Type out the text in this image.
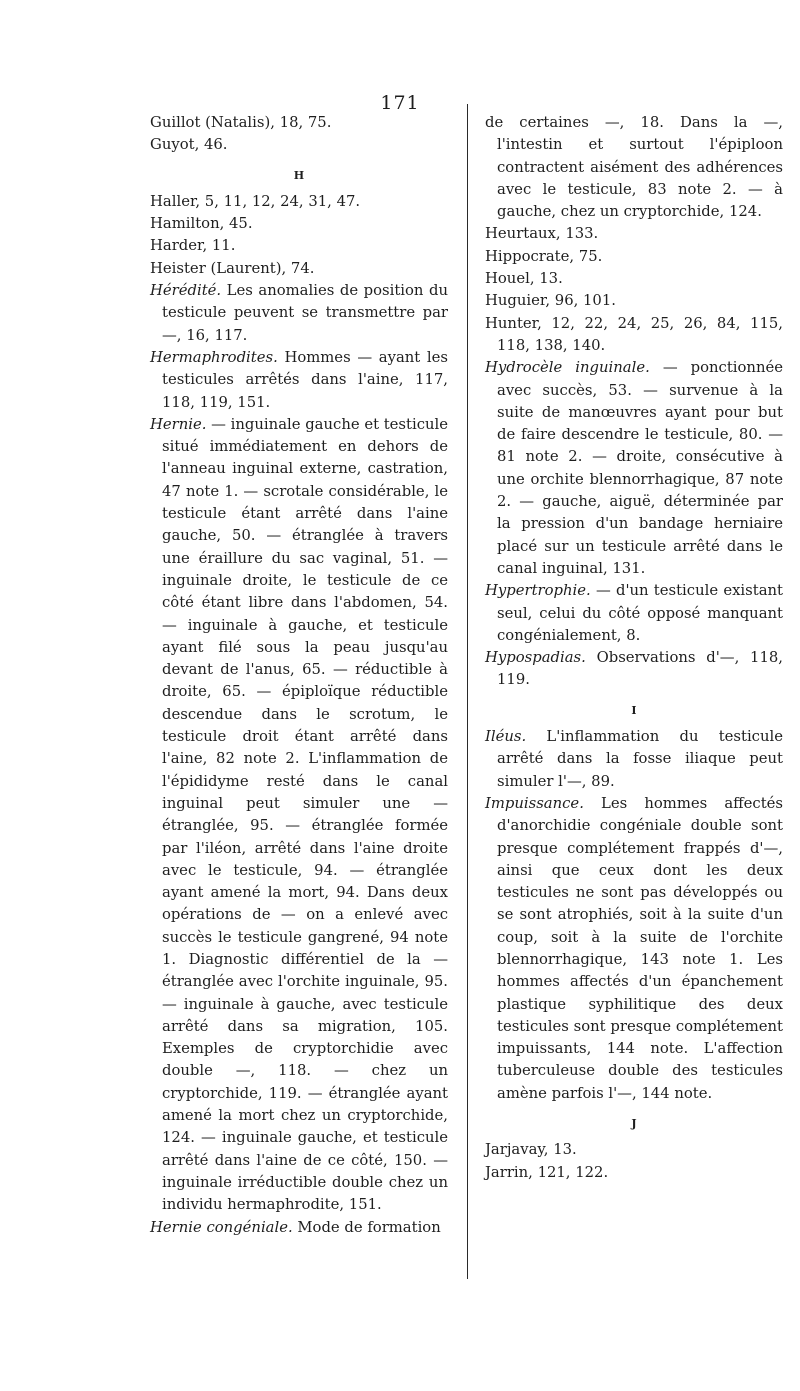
171

Guillot (Natalis), 18, 75.

Guyot, 46.

H

Haller, 5, 11, 12, 24, 31, 47.

Hamilton, 45.

Harder, 11.

Heister (Laurent), 74.

Hérédité. Les anomalies de position du testicule peuvent se transmettre par —, 16, 117.

Hermaphrodites. Hommes — ayant les testicules arrêtés dans l'aine, 117, 118, 119, 151.

Hernie. — inguinale gauche et testicule situé immédiatement en dehors de l'anneau inguinal externe, castration, 47 note 1. — scrotale considérable, le testicule étant arrêté dans l'aine gauche, 50. — étranglée à travers une éraillure du sac vaginal, 51. — inguinale droite, le testicule de ce côté étant libre dans l'abdomen, 54. — inguinale à gauche, et testicule ayant filé sous la peau jusqu'au devant de l'anus, 65. — réductible à droite, 65. — épiploïque réductible descendue dans le scrotum, le testicule droit étant arrêté dans l'aine, 82 note 2. L'inflammation de l'épididyme resté dans le canal inguinal peut simuler une — étranglée, 95. — étranglée formée par l'iléon, arrêté dans l'aine droite avec le testicule, 94. — étranglée ayant amené la mort, 94. Dans deux opérations de — on a enlevé avec succès le testicule gangrené, 94 note 1. Diagnostic différentiel de la — étranglée avec l'orchite inguinale, 95. — inguinale à gauche, avec testicule arrêté dans sa migration, 105. Exemples de cryptorchidie avec double —, 118. — chez un cryptorchide, 119. — étranglée ayant amené la mort chez un cryptorchide, 124. — inguinale gauche, et testicule arrêté dans l'aine de ce côté, 150. — inguinale irréductible double chez un individu hermaphrodite, 151.

Hernie congéniale. Mode de formation

de certaines —, 18. Dans la —, l'intestin et surtout l'épiploon contractent aisément des adhérences avec le testicule, 83 note 2. — à gauche, chez un cryptorchide, 124.

Heurtaux, 133.

Hippocrate, 75.

Houel, 13.

Huguier, 96, 101.

Hunter, 12, 22, 24, 25, 26, 84, 115, 118, 138, 140.

Hydrocèle inguinale. — ponctionnée avec succès, 53. — survenue à la suite de manœuvres ayant pour but de faire descendre le testicule, 80. — 81 note 2. — droite, consécutive à une orchite blennorrhagique, 87 note 2. — gauche, aiguë, déterminée par la pression d'un bandage herniaire placé sur un testicule arrêté dans le canal inguinal, 131.

Hypertrophie. — d'un testicule existant seul, celui du côté opposé manquant congénialement, 8.

Hypospadias. Observations d'—, 118, 119.

I

Iléus. L'inflammation du testicule arrêté dans la fosse iliaque peut simuler l'—, 89.

Impuissance. Les hommes affectés d'anorchidie congéniale double sont presque complétement frappés d'—, ainsi que ceux dont les deux testicules ne sont pas développés ou se sont atrophiés, soit à la suite d'un coup, soit à la suite de l'orchite blennorrhagique, 143 note 1. Les hommes affectés d'un épanchement plastique syphilitique des deux testicules sont presque complétement impuissants, 144 note. L'affection tuberculeuse double des testicules amène parfois l'—, 144 note.

J

Jarjavay, 13.

Jarrin, 121, 122.
